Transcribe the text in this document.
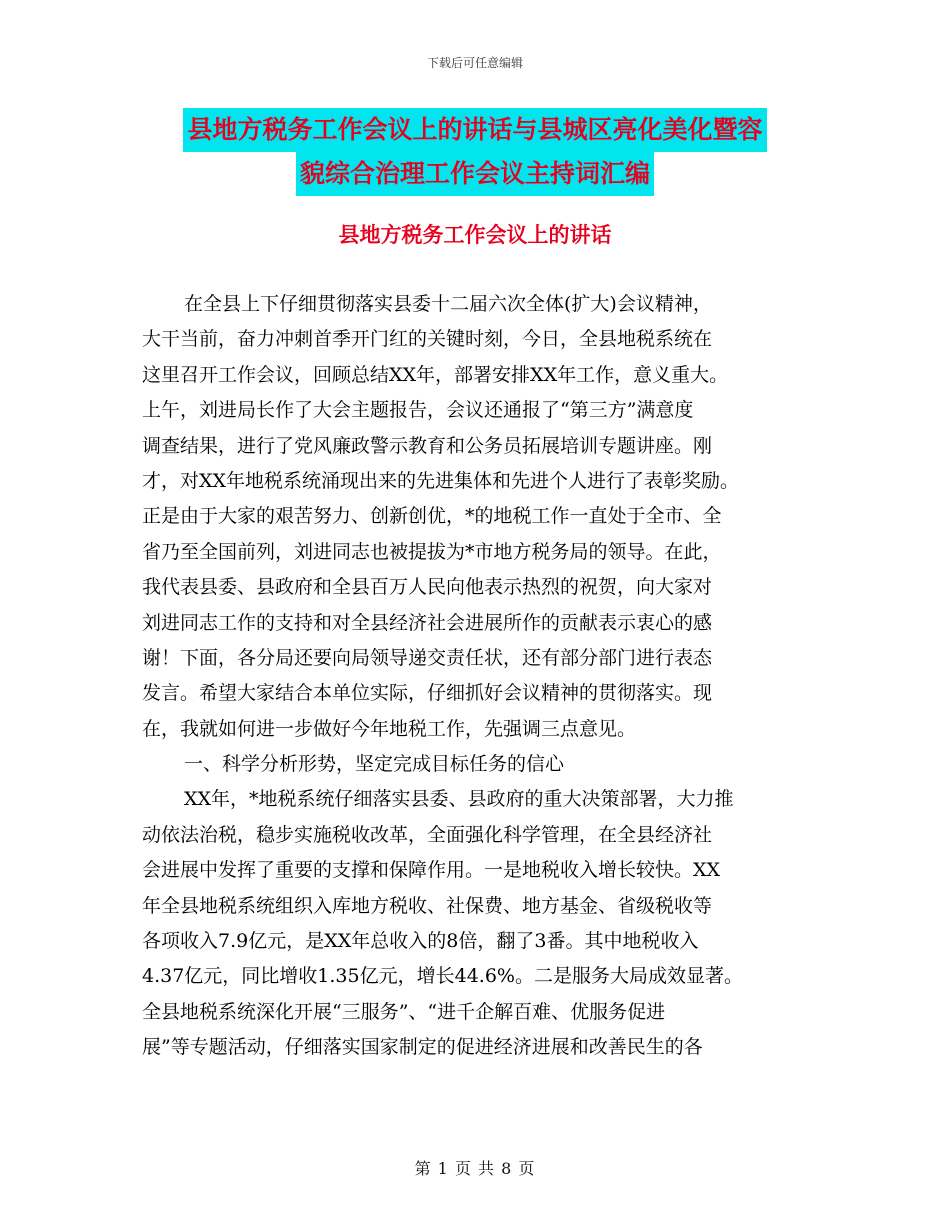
下载后可任意编辑
县地方税务工作会议上的讲话与县城区亮化美化暨容
貌综合治理工作会议主持词汇编
县地方税务工作会议上的讲话
在全县上下仔细贯彻落实县委十二届六次全体(扩大)会议精神，
大干当前，奋力冲刺首季开门红的关键时刻，今日，全县地税系统在
这里召开工作会议，回顾总结XX年，部署安排XX年工作，意义重大。
上午，刘进局长作了大会主题报告，会议还通报了“第三方”满意度
调查结果，进行了党风廉政警示教育和公务员拓展培训专题讲座。刚
才，对XX年地税系统涌现出来的先进集体和先进个人进行了表彰奖励。
正是由于大家的艰苦努力、创新创优，*的地税工作一直处于全市、全
省乃至全国前列，刘进同志也被提拔为*市地方税务局的领导。在此，
我代表县委、县政府和全县百万人民向他表示热烈的祝贺，向大家对
刘进同志工作的支持和对全县经济社会进展所作的贡献表示衷心的感
谢！下面，各分局还要向局领导递交责任状，还有部分部门进行表态
发言。希望大家结合本单位实际，仔细抓好会议精神的贯彻落实。现
在，我就如何进一步做好今年地税工作，先强调三点意见。
一、科学分析形势，坚定完成目标任务的信心
XX年，*地税系统仔细落实县委、县政府的重大决策部署，大力推
动依法治税，稳步实施税收改革，全面强化科学管理，在全县经济社
会进展中发挥了重要的支撑和保障作用。一是地税收入增长较快。XX
年全县地税系统组织入库地方税收、社保费、地方基金、省级税收等
各项收入7.9亿元，是XX年总收入的8倍，翻了3番。其中地税收入
4.37亿元，同比增收1.35亿元，增长44.6%。二是服务大局成效显著。
全县地税系统深化开展“三服务”、“进千企解百难、优服务促进
展”等专题活动，仔细落实国家制定的促进经济进展和改善民生的各
第 1 页 共 8 页
